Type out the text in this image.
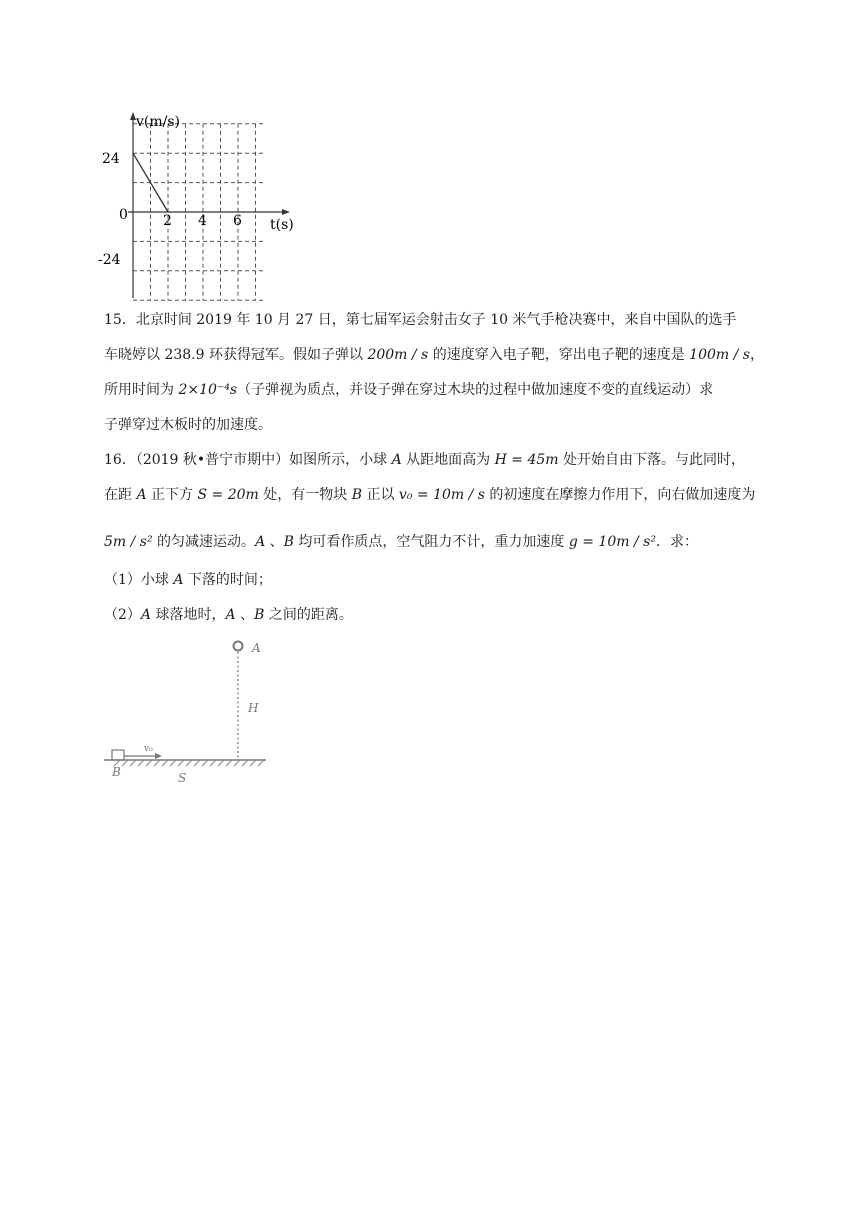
v(m/s)
t(s)
24
0
-24
2 4 6
15．北京时间 2019 年 10 月 27 日，第七届军运会射击女子 10 米气手枪决赛中，来自中国队的选手
车晓婷以 238.9 环获得冠军。假如子弹以 200m / s 的速度穿入电子靶，穿出电子靶的速度是 100m / s，
所用时间为 2×10⁻⁴s（子弹视为质点，并设子弹在穿过木块的过程中做加速度不变的直线运动）求
子弹穿过木板时的加速度。
16．（2019 秋•普宁市期中）如图所示，小球 A 从距地面高为 H = 45m 处开始自由下落。与此同时，
在距 A 正下方 S = 20m 处，有一物块 B 正以 v₀ = 10m / s 的初速度在摩擦力作用下，向右做加速度为
5m / s² 的匀减速运动。A 、B 均可看作质点，空气阻力不计，重力加速度 g = 10m / s²．求：
（1）小球 A 下落的时间；
（2）A 球落地时，A 、B 之间的距离。
A
H
v₀
B	S
